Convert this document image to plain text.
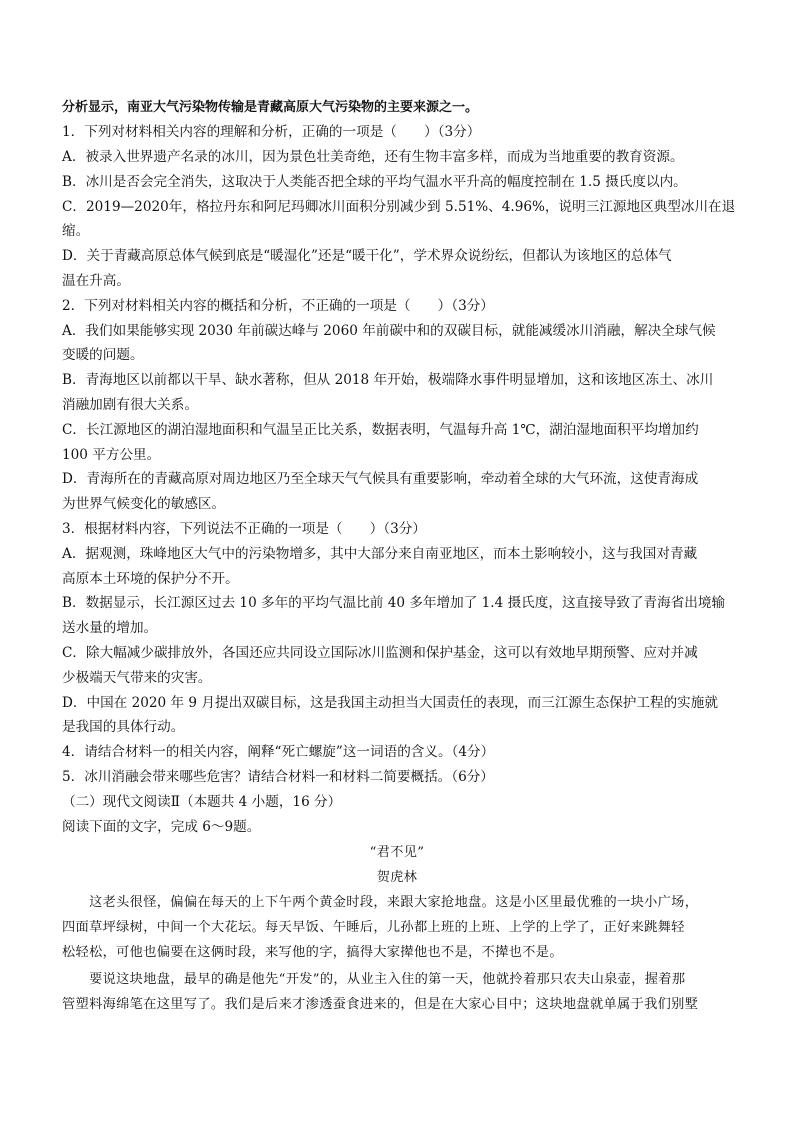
分析显示，南亚大气污染物传输是青藏高原大气污染物的主要来源之一。
1．下列对材料相关内容的理解和分析，正确的一项是（　　）（3分）
A．被录入世界遗产名录的冰川，因为景色壮美奇绝，还有生物丰富多样，而成为当地重要的教育资源。
B．冰川是否会完全消失，这取决于人类能否把全球的平均气温水平升高的幅度控制在 1.5 摄氏度以内。
C．2019—2020年，格拉丹东和阿尼玛卿冰川面积分别减少到 5.51%、4.96%，说明三江源地区典型冰川在退
缩。
D．关于青藏高原总体气候到底是“暖湿化”还是“暖干化”，学术界众说纷纭，但都认为该地区的总体气
温在升高。
2．下列对材料相关内容的概括和分析，不正确的一项是（　　）（3分）
A．我们如果能够实现 2030 年前碳达峰与 2060 年前碳中和的双碳目标，就能减缓冰川消融，解决全球气候
变暖的问题。
B．青海地区以前都以干旱、缺水著称，但从 2018 年开始，极端降水事件明显增加，这和该地区冻土、冰川
消融加剧有很大关系。
C．长江源地区的湖泊湿地面积和气温呈正比关系，数据表明，气温每升高 1℃，湖泊湿地面积平均增加约
100 平方公里。
D．青海所在的青藏高原对周边地区乃至全球天气气候具有重要影响，牵动着全球的大气环流，这使青海成
为世界气候变化的敏感区。
3．根据材料内容，下列说法不正确的一项是（　　）（3分）
A．据观测，珠峰地区大气中的污染物增多，其中大部分来自南亚地区，而本土影响较小，这与我国对青藏
高原本土环境的保护分不开。
B．数据显示，长江源区过去 10 多年的平均气温比前 40 多年增加了 1.4 摄氏度，这直接导致了青海省出境输
送水量的增加。
C．除大幅减少碳排放外，各国还应共同设立国际冰川监测和保护基金，这可以有效地早期预警、应对并减
少极端天气带来的灾害。
D．中国在 2020 年 9 月提出双碳目标，这是我国主动担当大国责任的表现，而三江源生态保护工程的实施就
是我国的具体行动。
4．请结合材料一的相关内容，阐释“死亡螺旋”这一词语的含义。（4分）
5．冰川消融会带来哪些危害？请结合材料一和材料二简要概括。（6分）
（二）现代文阅读Ⅱ（本题共 4 小题，16 分）
阅读下面的文字，完成 6～9题。
“君不见”
贺虎林
　　这老头很怪，偏偏在每天的上下午两个黄金时段，来跟大家抢地盘。这是小区里最优雅的一块小广场，
四面草坪绿树，中间一个大花坛。每天早饭、午睡后，儿孙都上班的上班、上学的上学了，正好来跳舞轻
松轻松，可他也偏要在这俩时段，来写他的字，搞得大家撵他也不是，不撵也不是。
　　要说这块地盘，最早的确是他先“开发”的，从业主入住的第一天，他就拎着那只农夫山泉壶，握着那
管塑料海绵笔在这里写了。我们是后来才渗透蚕食进来的，但是在大家心目中；这块地盘就单属于我们别墅
